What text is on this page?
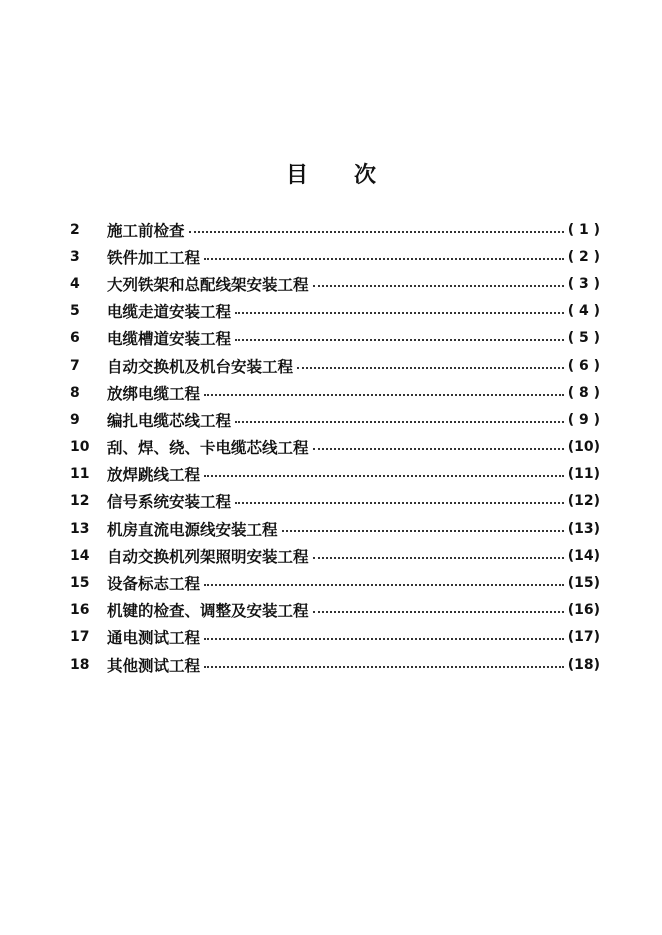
目 次
2	施工前检查	( 1 )
3	铁件加工工程	( 2 )
4	大列铁架和总配线架安装工程	( 3 )
5	电缆走道安装工程	( 4 )
6	电缆槽道安装工程	( 5 )
7	自动交换机及机台安装工程	( 6 )
8	放绑电缆工程	( 8 )
9	编扎电缆芯线工程	( 9 )
10	刮、焊、绕、卡电缆芯线工程	(10)
11	放焊跳线工程	(11)
12	信号系统安装工程	(12)
13	机房直流电源线安装工程	(13)
14	自动交换机列架照明安装工程	(14)
15	设备标志工程	(15)
16	机键的检查、调整及安装工程	(16)
17	通电测试工程	(17)
18	其他测试工程	(18)
